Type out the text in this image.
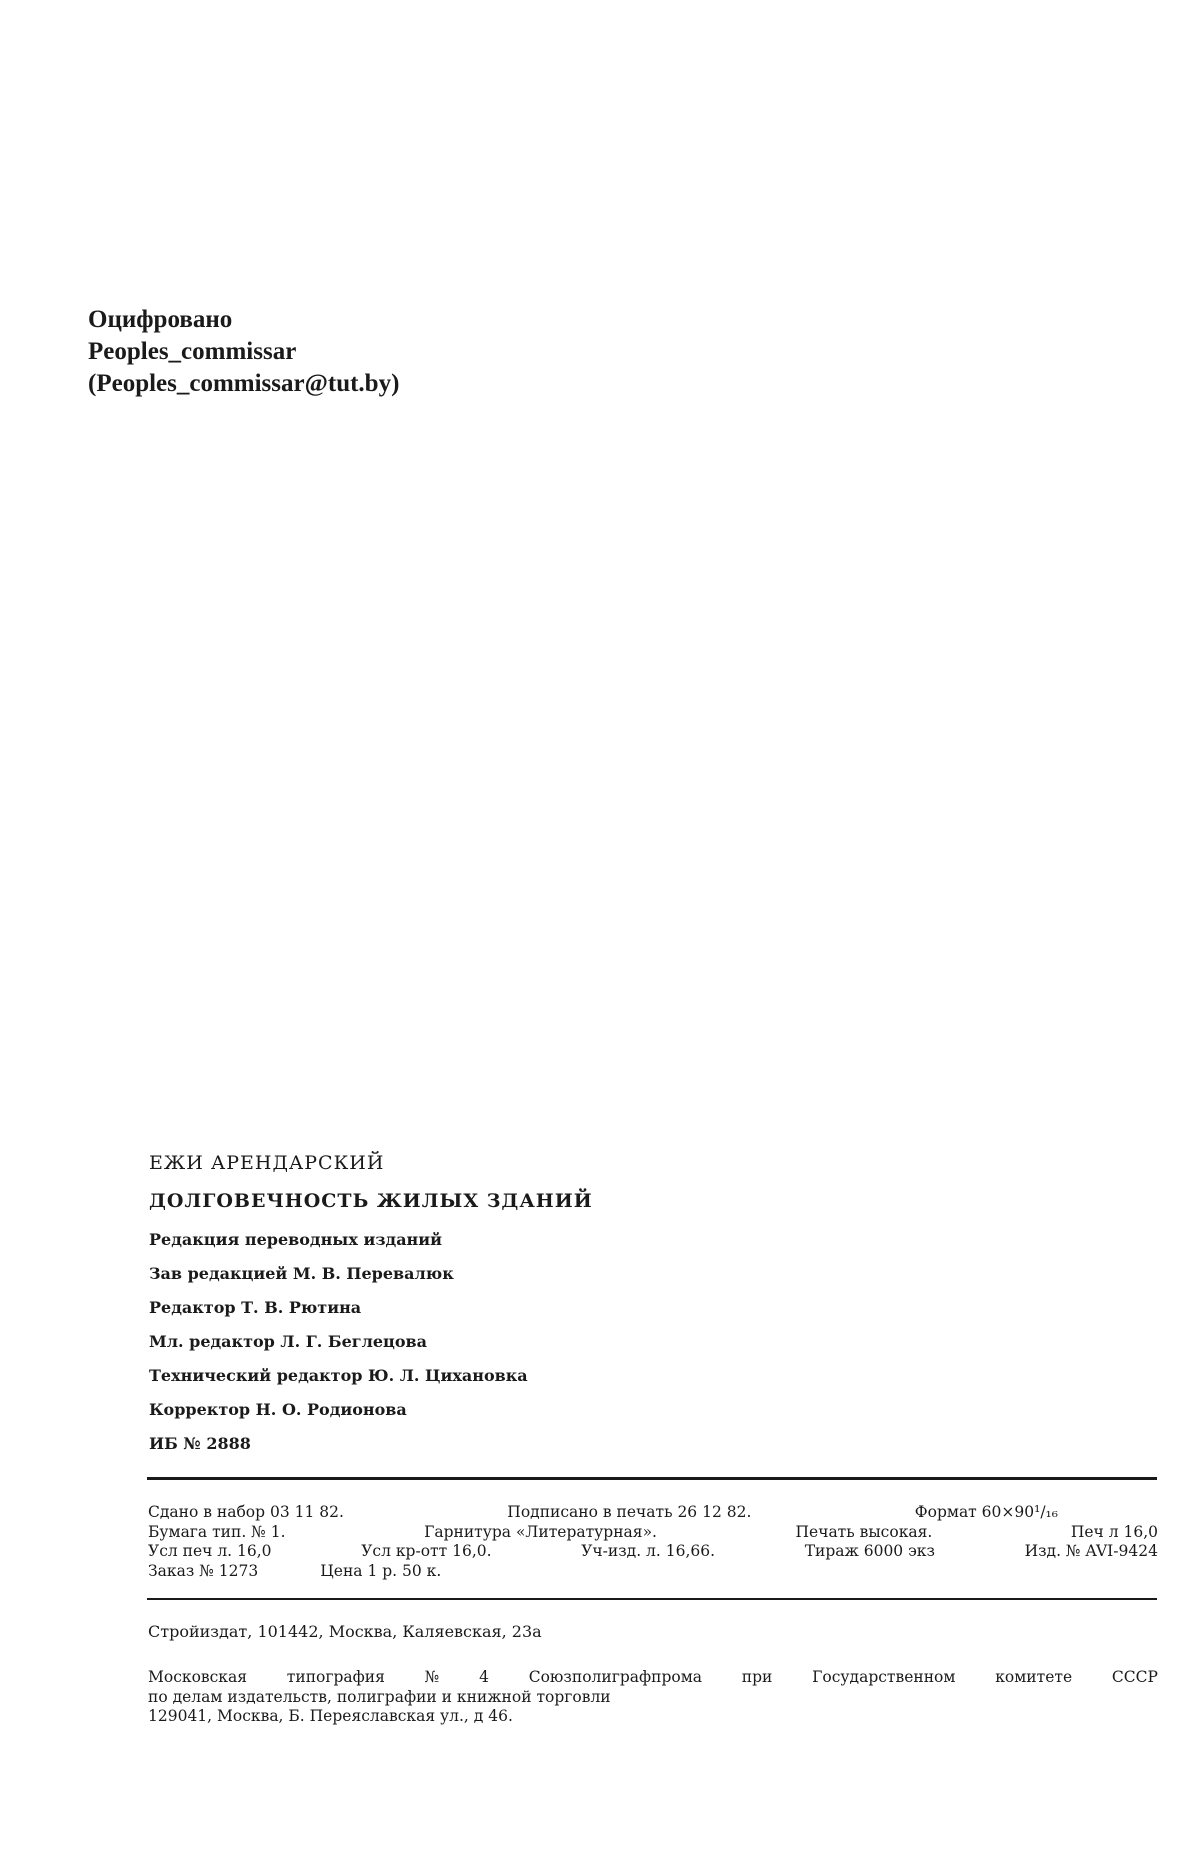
Оцифровано
Peoples_commissar
(Peoples_commissar@tut.by)
ЕЖИ АРЕНДАРСКИЙ
ДОЛГОВЕЧНОСТЬ ЖИЛЫХ ЗДАНИЙ
Редакция переводных изданий
Зав редакцией М. В. Перевалюк
Редактор Т. В. Рютина
Мл. редактор Л. Г. Беглецова
Технический редактор Ю. Л. Цихановка
Корректор Н. О. Родионова
ИБ № 2888
Сдано в набор 03 11 82.	Подписано в печать 26 12 82.	Формат 60×90¹/₁₆
Бумага тип. № 1.	Гарнитура «Литературная».	Печать высокая.	Печ л 16,0
Усл печ л. 16,0	Усл кр-отт 16,0.	Уч-изд. л. 16,66.	Тираж 6000 экз	Изд. № AVI-9424
Заказ № 1273	Цена 1 р. 50 к.
Стройиздат, 101442, Москва, Каляевская, 23а
Московская	типография	№	4	Союзполиграфпрома	при	Государственном	комитете	СССР
по делам издательств, полиграфии и книжной торговли
129041, Москва, Б. Переяславская ул., д 46.
